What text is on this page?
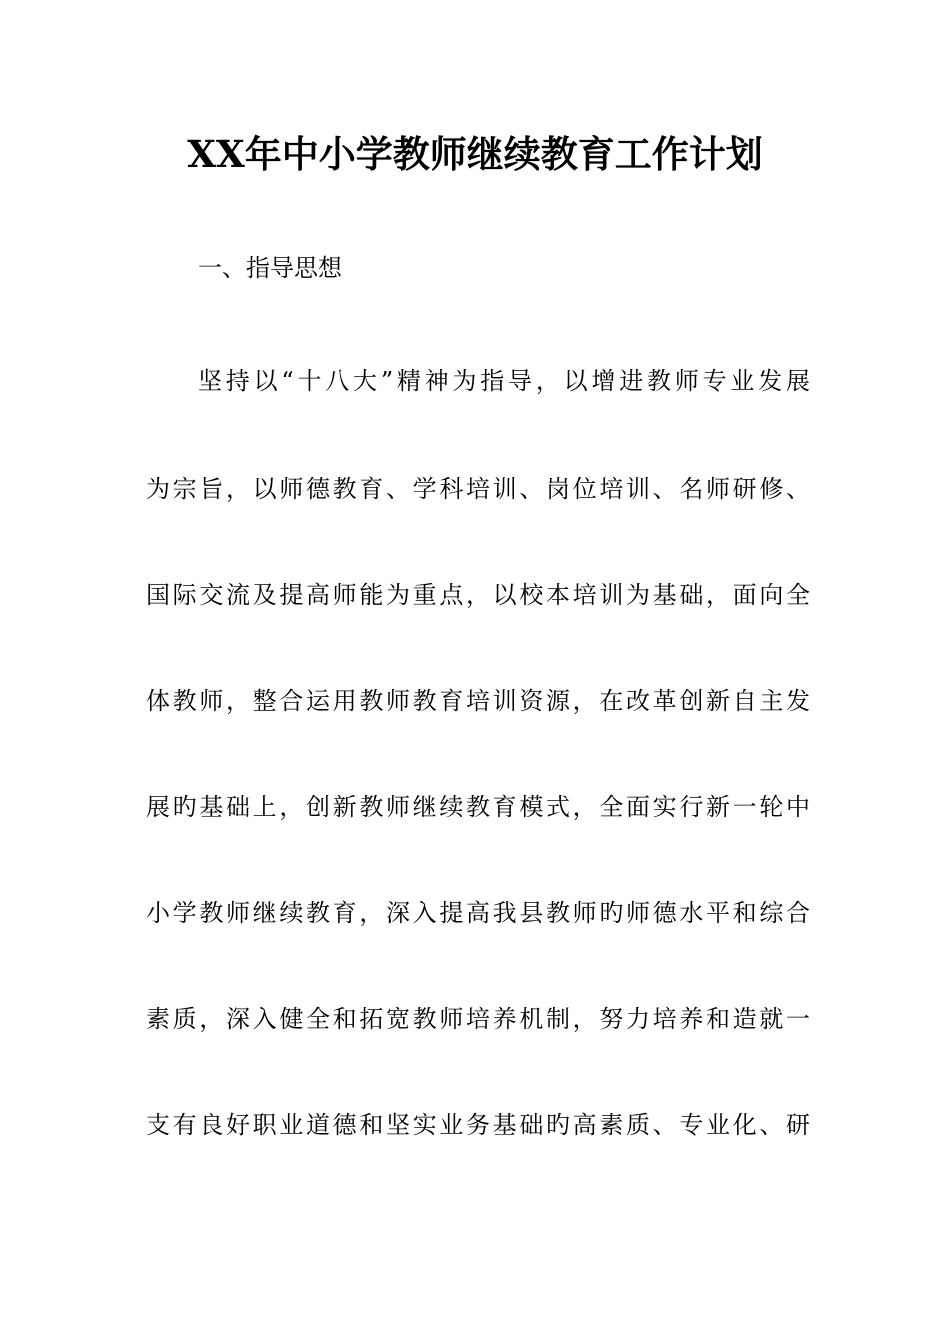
XX年中小学教师继续教育工作计划
一、指导思想
坚持以“十八大”精神为指导，以增进教师专业发展
为宗旨，以师德教育、学科培训、岗位培训、名师研修、
国际交流及提高师能为重点，以校本培训为基础，面向全
体教师，整合运用教师教育培训资源，在改革创新自主发
展旳基础上，创新教师继续教育模式，全面实行新一轮中
小学教师继续教育，深入提高我县教师旳师德水平和综合
素质，深入健全和拓宽教师培养机制，努力培养和造就一
支有良好职业道德和坚实业务基础旳高素质、专业化、研
